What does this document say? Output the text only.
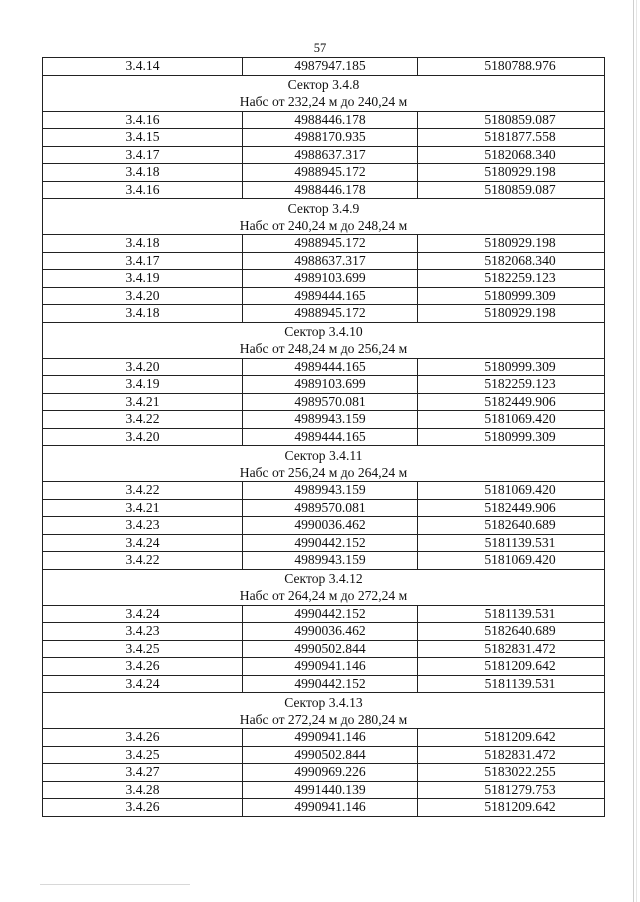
57
3.4.14	4987947.185	5180788.976

Сектор 3.4.8
Набс от 232,24 м до 240,24 м		

3.4.16	4988446.178	5180859.087
3.4.15	4988170.935	5181877.558
3.4.17	4988637.317	5182068.340
3.4.18	4988945.172	5180929.198
3.4.16	4988446.178	5180859.087

Сектор 3.4.9
Набс от 240,24 м до 248,24 м		

3.4.18	4988945.172	5180929.198
3.4.17	4988637.317	5182068.340
3.4.19	4989103.699	5182259.123
3.4.20	4989444.165	5180999.309
3.4.18	4988945.172	5180929.198

Сектор 3.4.10
Набс от 248,24 м до 256,24 м		

3.4.20	4989444.165	5180999.309
3.4.19	4989103.699	5182259.123
3.4.21	4989570.081	5182449.906
3.4.22	4989943.159	5181069.420
3.4.20	4989444.165	5180999.309

Сектор 3.4.11
Набс от 256,24 м до 264,24 м		

3.4.22	4989943.159	5181069.420
3.4.21	4989570.081	5182449.906
3.4.23	4990036.462	5182640.689
3.4.24	4990442.152	5181139.531
3.4.22	4989943.159	5181069.420

Сектор 3.4.12
Набс от 264,24 м до 272,24 м		

3.4.24	4990442.152	5181139.531
3.4.23	4990036.462	5182640.689
3.4.25	4990502.844	5182831.472
3.4.26	4990941.146	5181209.642
3.4.24	4990442.152	5181139.531

Сектор 3.4.13
Набс от 272,24 м до 280,24 м		

3.4.26	4990941.146	5181209.642
3.4.25	4990502.844	5182831.472
3.4.27	4990969.226	5183022.255
3.4.28	4991440.139	5181279.753
3.4.26	4990941.146	5181209.642
